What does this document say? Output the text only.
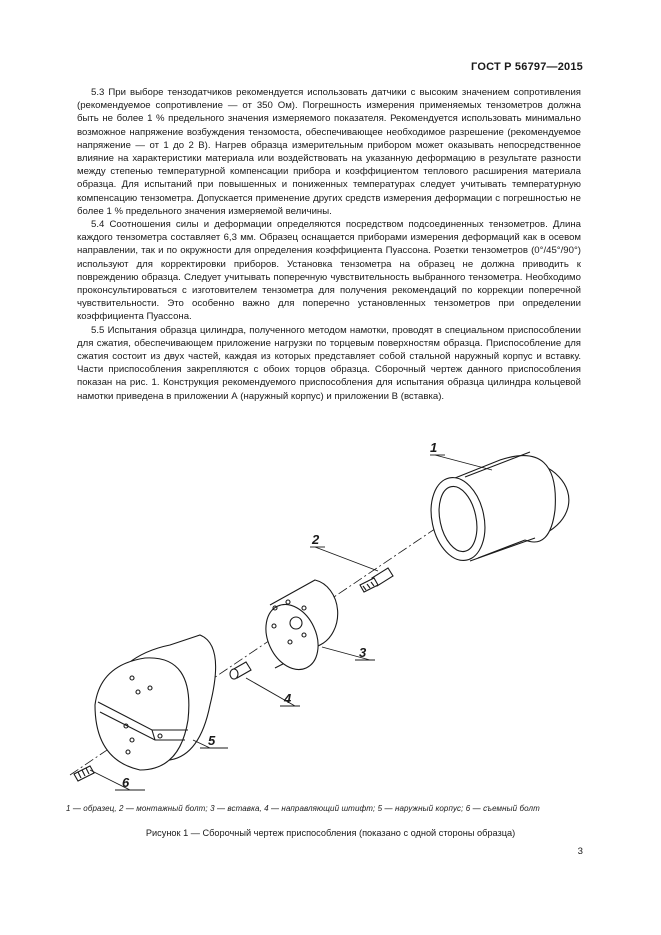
ГОСТ Р 56797—2015

5.3 При выборе тензодатчиков рекомендуется использовать датчики с высоким значением сопротивления (рекомендуемое сопротивление — от 350 Ом). Погрешность измерения применяемых тензометров должна быть не более 1 % предельного значения измеряемого показателя. Рекомендуется использовать минимально возможное напряжение возбуждения тензомоста, обеспечивающее необходимое разрешение (рекомендуемое напряжение — от 1 до 2 В). Нагрев образца измерительным прибором может оказывать непосредственное влияние на характеристики материала или воздействовать на указанную деформацию в результате разности между степенью температурной компенсации прибора и коэффициентом теплового расширения материала образца. Для испытаний при повышенных и пониженных температурах следует учитывать температурную компенсацию тензометра. Допускается применение других средств измерения деформации с погрешностью не более 1 % предельного значения измеряемой величины.

5.4 Соотношения силы и деформации определяются посредством подсоединенных тензометров. Длина каждого тензометра составляет 6,3 мм. Образец оснащается приборами измерения деформаций как в осевом направлении, так и по окружности для определения коэффициента Пуассона. Розетки тензометров (0°/45°/90°) используют для корректировки приборов. Установка тензометра на образец не должна приводить к повреждению образца. Следует учитывать поперечную чувствительность выбранного тензометра. Необходимо проконсультироваться с изготовителем тензометра для получения рекомендаций по коррекции поперечной чувствительности. Это особенно важно для поперечно установленных тензометров при определении коэффициента Пуассона.

5.5 Испытания образца цилиндра, полученного методом намотки, проводят в специальном приспособлении для сжатия, обеспечивающем приложение нагрузки по торцевым поверхностям образца. Приспособление для сжатия состоит из двух частей, каждая из которых представляет собой стальной наружный корпус и вставку. Части приспособления закрепляются с обоих торцов образца. Сборочный чертеж данного приспособления показан на рис. 1. Конструкция рекомендуемого приспособления для испытания образца цилиндра кольцевой намотки приведена в приложении А (наружный корпус) и приложении В (вставка).

1
2
3
4
5
6
1 — образец, 2 — монтажный болт; 3 — вставка, 4 — направляющий штифт; 5 — наружный корпус; 6 — съемный болт
Рисунок 1 — Сборочный чертеж приспособления (показано с одной стороны образца)
3
